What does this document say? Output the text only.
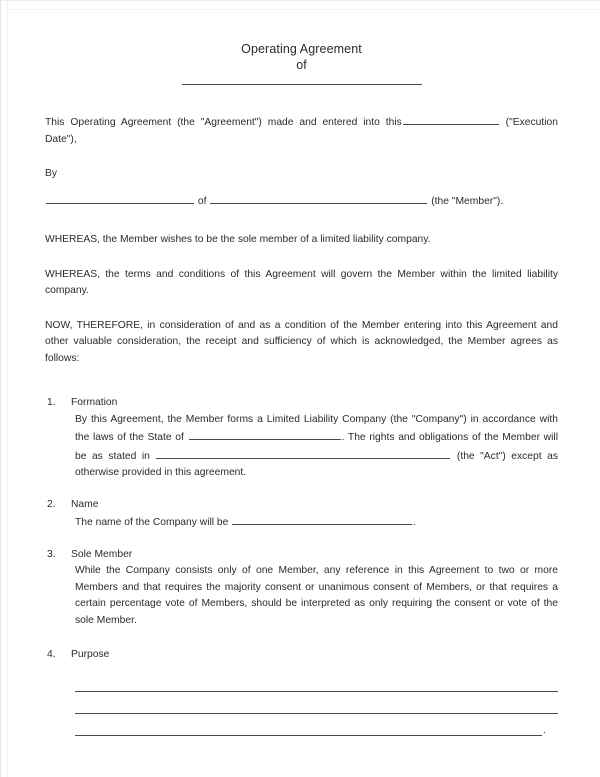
Operating Agreement
of

This Operating Agreement (the "Agreement") made and entered into this	("Execution Date"),

By
of	(the "Member").

WHEREAS, the Member wishes to be the sole member of a limited liability company.

WHEREAS, the terms and conditions of this Agreement will govern the Member within the limited liability company.

NOW, THEREFORE, in consideration of and as a condition of the Member entering into this Agreement and other valuable consideration, the receipt and sufficiency of which is acknowledged, the Member agrees as follows:

1.	Formation
By this Agreement, the Member forms a Limited Liability Company (the "Company") in accordance with the laws of the State of	. The rights and obligations of the Member will be as stated in	(the "Act") except as otherwise provided in this agreement.
2.	Name
The name of the Company will be	.
3.	Sole Member
While the Company consists only of one Member, any reference in this Agreement to two or more Members and that requires the majority consent or unanimous consent of Members, or that requires a certain percentage vote of Members, should be interpreted as only requiring the consent or vote of the sole Member.
4.	Purpose
.
